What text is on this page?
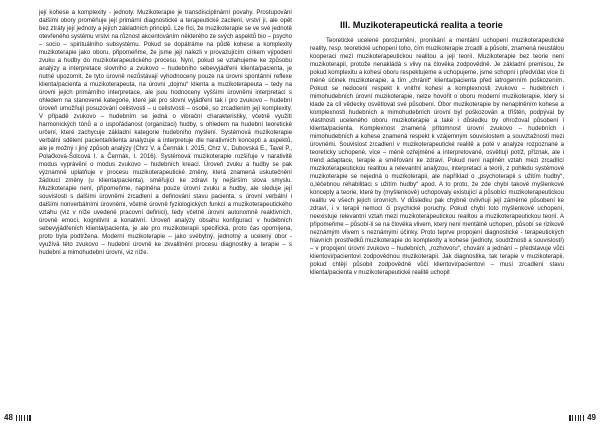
její kohese a komplexity - jednoty. Muzikoterapie je transdisciplinární povahy. Prostupování dalšími obory proměňuje její primární diagnostické a terapeutické zacílení, vrství ji, ale opět bez ztráty její jednoty a jejích základních principů. Lze říci, že muzikoterapie se ve své jednotě otevřeného systému vrství na různost akcentováním některého ze svých aspektů bio – psycho – socio – spirituálního subsystému. Pokud se dopátráme na půdě kohese a komplexity muzikoterapie jako oboru, připomeňme, že jsme její nalezli v provazujícím církem výpodení zvuku a hudby do muzikoterapeutického procesu. Nyní, pokud se vztahujeme ke způsobu analýzy a interpretace slovního a zvukovo – hudebního sebevyjádření klienta/pacienta, je nutné upozornit, že tyto úrovně nezůstávají vyhodnoceny pouze na úrovni spontánní reflexe klienta/pacienta a muzikoterapeuta, na úrovni „dojmu“ klienta a muzikoterapeuta – tedy na úrovni jejich primárního interpretace, ale jsou hodnoceny vyššími úrovněmi interpretací s ohledem na stanovené kategorie, které jak pro slovní vyjádření tak i pro zvukovo – hudební úroveň umožňují posuzování celistvosti – u celistvosti – osobě, so zrcadlením její komplexity. V případě zvukovo – hudebním se jedná o vibrační charakteristiky, včetně využití harmonických tónů a o uspořádanost (organizaci) hudby, s ohledem na hudební teoretické určení, které zachycuje základní kategorie hudebního myšlení. Systémová muzikoterapie verbální sdělení pacienta/klienta analyzuje a interpretuje dle narativních koncepti a aspektů, ale je možný i jiný způsob analýzy (Chrz V. a Čermák I. 2015, Chrz V., Dubovská E., Tavel P., Polačková-Šolcová I. a Čermák, I. 2016). Systémová muzikoterapie rozšiřuje v narativitě modus vyprávění o modus zvukovo – hudebních kreací. Úroveň zvuku a hudby se pak významně uplatňuje v procesu muzikoterapeutické změny, která znamená uskutečnění žádoucí změny (u klienta/pacienta), směřující ke zdraví ty nejširším slova smyslu. Muzikoterapie není, připomeňme, naplněna pouze úrovní zvuku a hudby, ale sleduje její souvislosti s dalšími úrovněmi zrcadlení a definování stavu pacienta, s úrovní verbální i dalšími nonverbálními úrovněmi, včetně úrovně fyziologických funkcí a muzikoterapeutického vztahu (viz v níže uvedené pracovní definici), tedy včetně úrovní autonomně reaktivních, úrovně emocí, kognitivní a konativní. Úroveň analýzy obsahu konfigurací v hudebních sebevyjádřeních klienta/pacienta, je ale pro muzikoterapii specifická, proto čas opomíjena, proto byla podtržena. Moderní muzikoterapie – jako svébytný, jednotný a ucelený obor - využívá této zvukovo – hudební úrovně ke zkvalitnění procesu diagnostiky a terapie – s hudební a mimohudební úrovní, viz níže.

48
III. Muzikoterapeutická realita a teorie

Teoretické ucelené porozumění, pronikání a mentální uchopení muzikoterapeutické reality, resp. teoretické uchopení toho, čím muzikoterapie zrcadlí a působí, znamená neustálou kooperaci mezi muzikoterapeutickou realitou a její teorií. Muzikoterapie bez teorie není muzikoterapií, protože nenakládá s vlivy na člověka zodpovědně. Je základní premisou, že pokud komplexitu a kohesi oboru respektujeme a uchopujeme, jsme schopni i předvídat více či méně účinek muzikoterapie, a tím „chránit“ klienta/pacienta před iatrogenním poškozením. Pokud se nedocení respekt k vnitřní kohesi a komplexnosti zvukovo – hudebních i mimohudebních úrovní muzikoterapie, nelze hovořit o oboru moderní muzikoterapie, který si klade za cíl vědecky osvětlovat své působení. Obor muzikoterapie by nenaplněním kohese a komplexnosti hudebních a mimohudebních úrovní byl poškozován a tříštěn, podpýval by vlastnosti uceleného oboru muzikoterapie a také i důsledku by ohrožoval působení i klienta/pacienta. Komplexnost znamená přítomnost úrovní zvukovo – hudebních i mimohudebních a kohese znamená respekt k vzájemným souvislostem a souvztažnosti mezi úrovněmi. Souvislost zrcadlení v muzikoterapeutické realitě a poté v analýze rozpoznané a teoreticky uchopené, více – méně ozřejměné a interpretované, osvětlují potíž, příznak, ale i trend adaptace, terapie a směřování ke zdraví. Pokud není naplněn vztah mezi zrcadlící muzikoterapeutickou realitou a relevantní analýzou, interpretací a teorií, z pohledu systémové muzikoterapie se nejedná o muzikoterapii, ale například o „psychoterapii s užitím hudby“, o„léčebnou rehabilitaci s užitím hudby“ apod. A to proto, že zde chybí takové myšlenkové koncepty a teorie, které by (myšlenkově) uchopovaly existující a působící muzikoterapeutickou realitu ve všech jejích úrovních. V důsledku pak chybně ovlivňují její záměrné působení ke zdraví, i v terapii nemocí či psychické poruchy. Pokud chybí toto myšlenkové uchopení, neexistuje relevantní vztah mezi muzikoterapeutickou realitou a muzikoterapeutickou teorií. A připomeňme – působí-li se na člověka vlivem, který není mentálně uchopen, působí se rizikově neznámým vlivem s neznámými účinky. Proto teprve propojení diagnostické - terapeutických hlavních prostředků muzikoterapie do komplexity a kohese (jednoty, soudržnosti a souvislostí) – v propojení úrovní zvukovo – hudebních, „rozhovoru“, chování a jednání – představuje vůči klientovi/pacientovi zodpovědnou muzikoterapii. Jak diagnostika, tak terapie v muzikoterapii, pokud chtějí působit zodpovědně vůči klientovi/pacientovi – musí zrcadlení stavu klienta/pacienta v muzikoterapeutické realitě uchopit

49
